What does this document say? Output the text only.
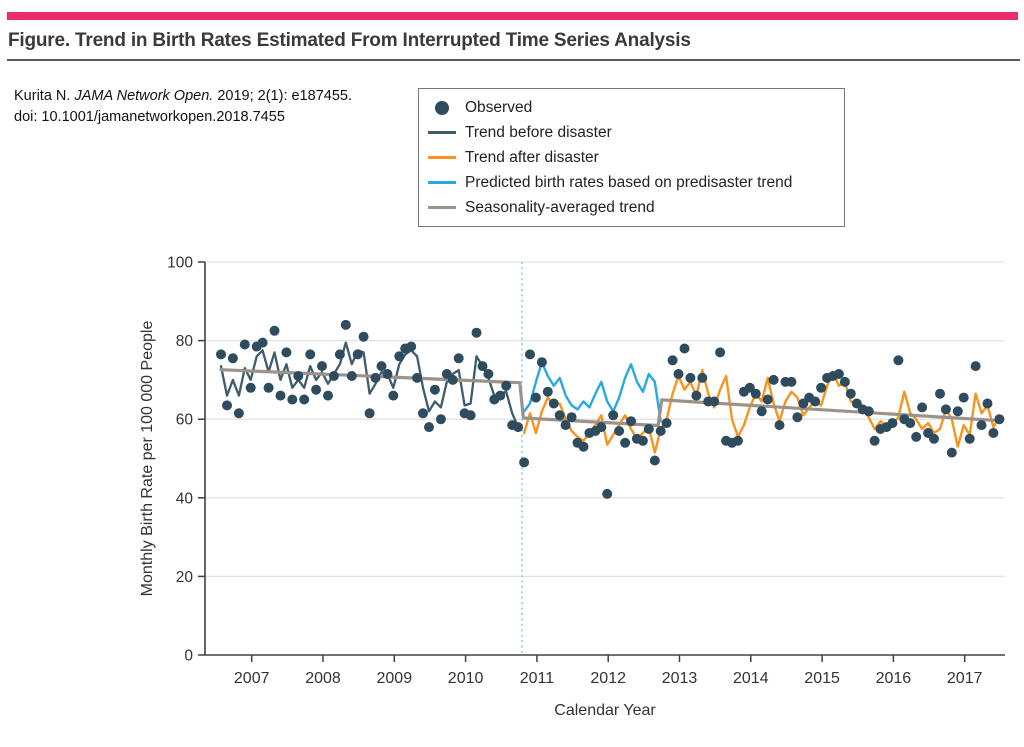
Figure. Trend in Birth Rates Estimated From Interrupted Time Series Analysis
Kurita N. JAMA Network Open. 2019; 2(1): e187455.
doi: 10.1001/jamanetworkopen.2018.7455
Observed
Trend before disaster
Trend after disaster
Predicted birth rates based on predisaster trend
Seasonality-averaged trend
0
20
40
60
80
100
2007 2008 2009 2010 2011 2012 2013 2014 2015 2016 2017
Monthly Birth Rate per 100 000 People
Calendar Year
